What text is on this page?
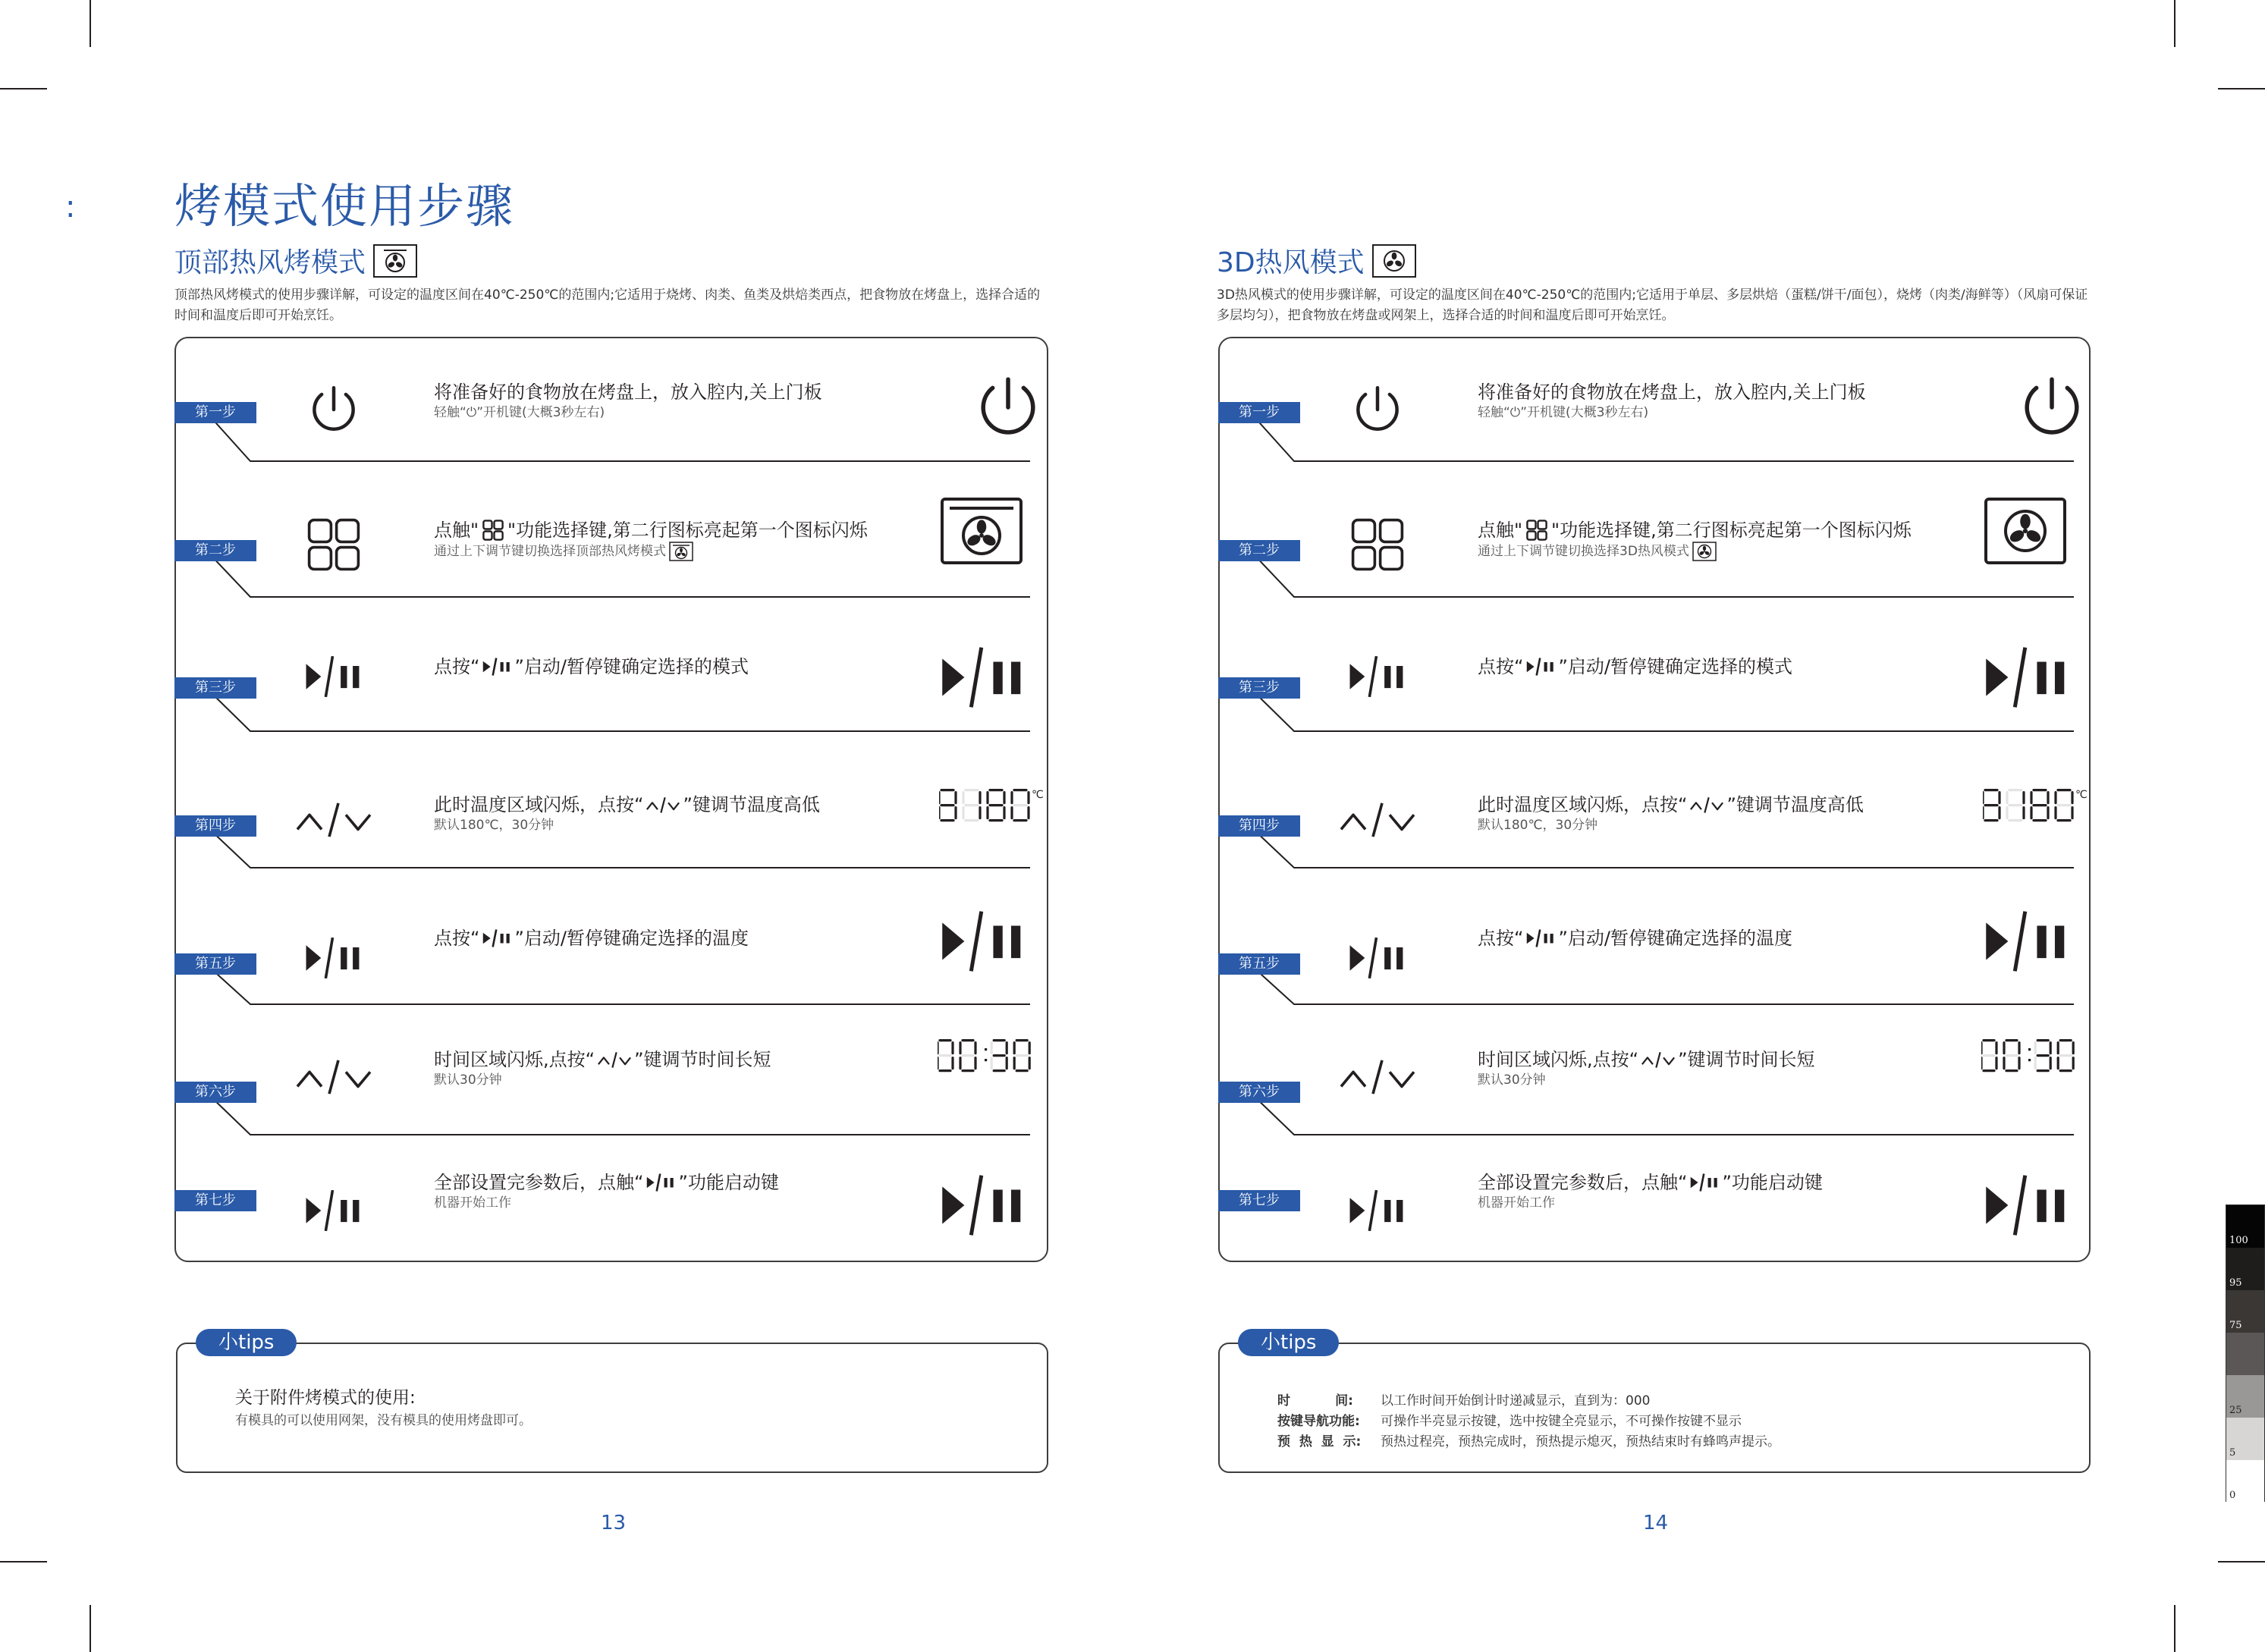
: 烤模式使用步骤
顶部热风烤模式
顶部热风烤模式的使用步骤详解，可设定的温度区间在40℃-250℃的范围内;它适用于烧烤、肉类、鱼类及烘焙类西点，把食物放在烤盘上，选择合适的时间和温度后即可开始烹饪。
第一步
将准备好的食物放在烤盘上，放入腔内,关上门板
轻触“⏻”开机键(大概3秒左右)
第二步
点触" "功能选择键,第二行图标亮起第一个图标闪烁
通过上下调节键切换选择顶部热风烤模式
第三步
点按“ ”启动/暂停键确定选择的模式
第四步
此时温度区域闪烁，点按“ ”键调节温度高低
默认180℃，30分钟
℃
第五步
点按“ ”启动/暂停键确定选择的温度
第六步
时间区域闪烁,点按“ ”键调节时间长短
默认30分钟
第七步
全部设置完参数后，点触“ ”功能启动键
机器开始工作
小tips
关于附件烤模式的使用:
有模具的可以使用网架，没有模具的使用烤盘即可。
13
3D热风模式
3D热风模式的使用步骤详解，可设定的温度区间在40℃-250℃的范围内;它适用于单层、多层烘焙（蛋糕/饼干/面包），烧烤（肉类/海鲜等）（风扇可保证多层均匀），把食物放在烤盘或网架上，选择合适的时间和温度后即可开始烹饪。
第一步
将准备好的食物放在烤盘上，放入腔内,关上门板
轻触“⏻”开机键(大概3秒左右)
第二步
点触" "功能选择键,第二行图标亮起第一个图标闪烁
通过上下调节键切换选择3D热风模式
第三步
点按“ ”启动/暂停键确定选择的模式
第四步
此时温度区域闪烁，点按“ ”键调节温度高低
默认180℃，30分钟
℃
第五步
点按“ ”启动/暂停键确定选择的温度
第六步
时间区域闪烁,点按“ ”键调节时间长短
默认30分钟
第七步
全部设置完参数后，点触“ ”功能启动键
机器开始工作
小tips
时          间:	以工作时间开始倒计时递减显示，直到为：000
按键导航功能:	可操作半亮显示按键，选中按键全亮显示，不可操作按键不显示
预  热  显  示:	预热过程亮，预热完成时，预热提示熄灭，预热结束时有蜂鸣声提示。
14
100
95
75
25
5
0
